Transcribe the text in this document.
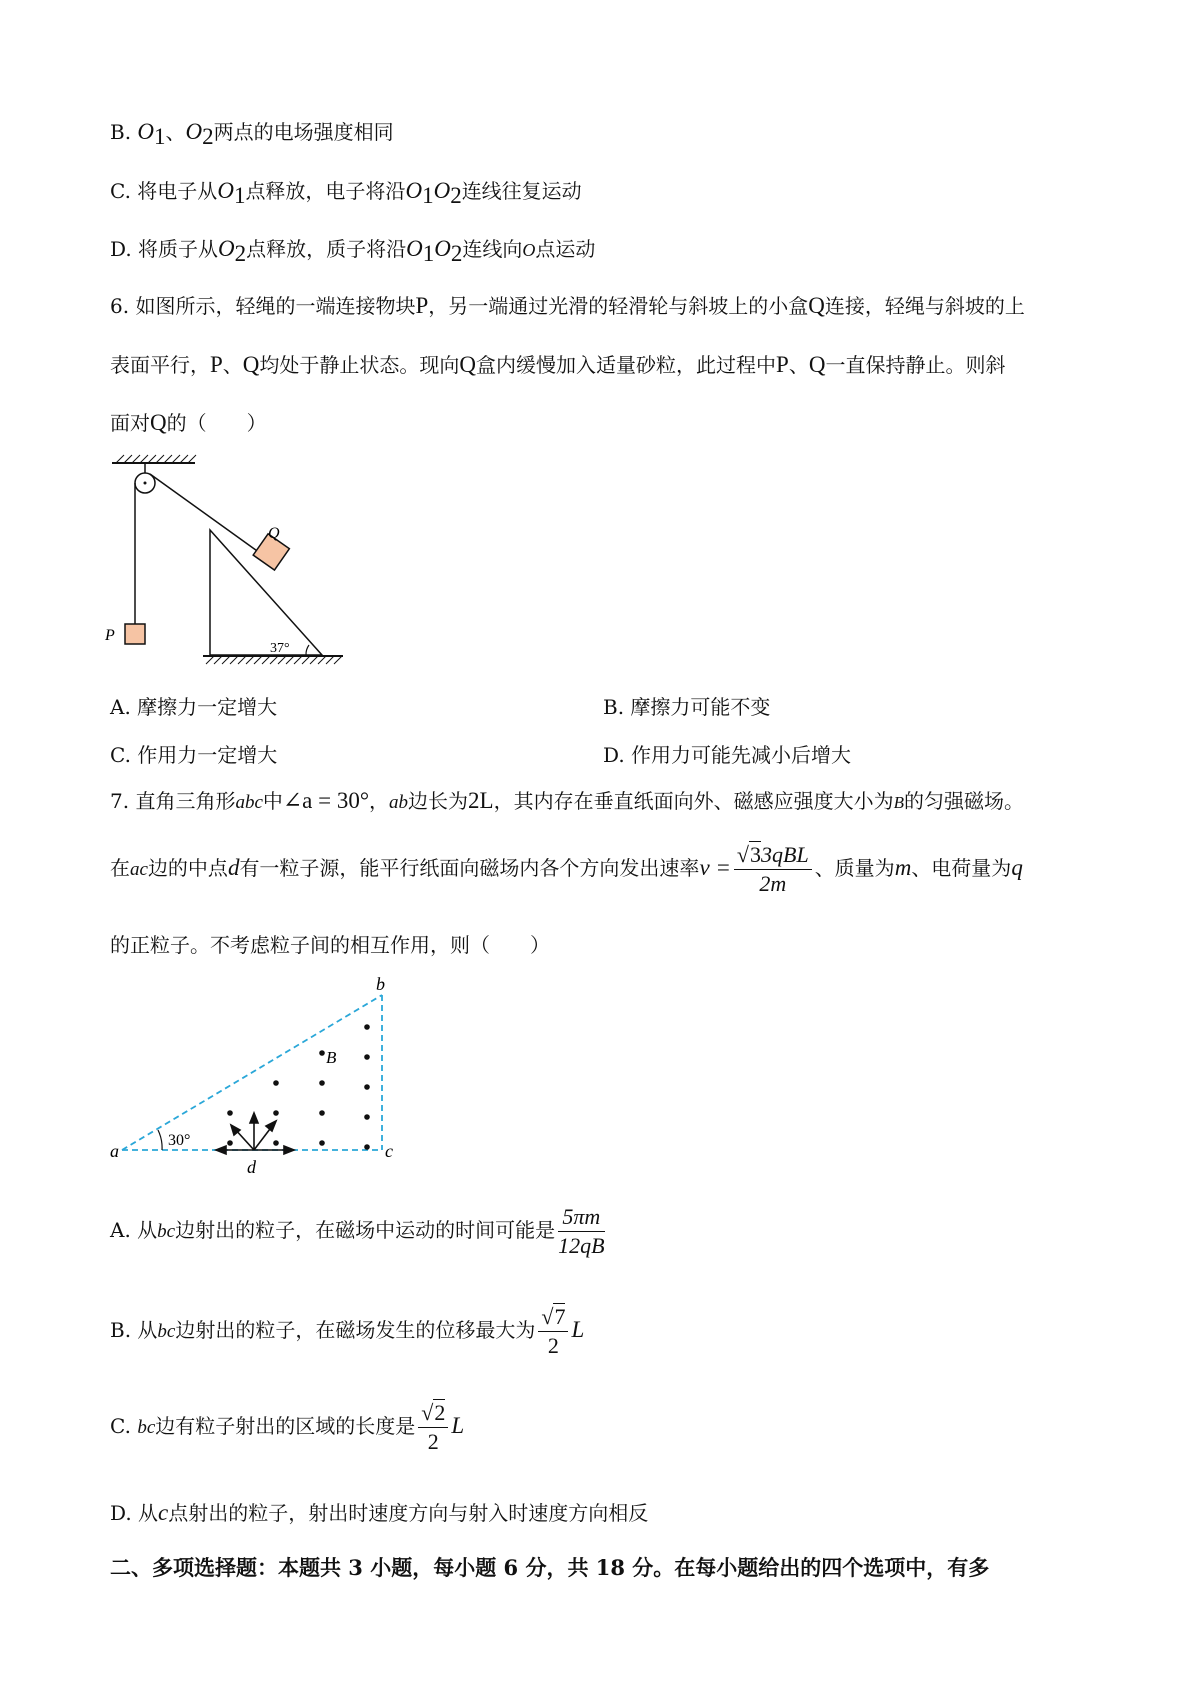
B. $O_1$、$O_2$两点的电场强度相同
C. 将电子从$O_1$点释放，电子将沿$O_1O_2$连线往复运动
D. 将质子从$O_2$点释放，质子将沿$O_1O_2$连线向O点运动
6. 如图所示，轻绳的一端连接物块P，另一端通过光滑的轻滑轮与斜坡上的小盒Q连接，轻绳与斜坡的上
表面平行，P、Q均处于静止状态。现向Q盒内缓慢加入适量砂粒，此过程中P、Q一直保持静止。则斜
面对Q的（　　）
P
Q
37°
A. 摩擦力一定增大	B. 摩擦力可能不变
C. 作用力一定增大	D. 作用力可能先减小后增大
7. 直角三角形abc中∠a = 30°，ab边长为2L，其内存在垂直纸面向外、磁感应强度大小为B的匀强磁场。
在ac边的中点d有一粒子源，能平行纸面向磁场内各个方向发出速率$v = \frac{\text{√33qBL}}{2m}$ 、质量为m、电荷量为q
的正粒子。不考虑粒子间的相互作用，则（　　）
30°
a
b
c
d
B
A. 从bc边射出的粒子，在磁场中运动的时间可能是 $\frac{5\pi m}{12qB}$
B. 从bc边射出的粒子，在磁场发生的位移最大为 $\frac{√7}{2}$ L
C. bc边有粒子射出的区域的长度是 $\frac{√2}{2}$ L
D. 从c点射出的粒子，射出时速度方向与射入时速度方向相反
二、多项选择题：本题共 3 小题，每小题 6 分，共 18 分。在每小题给出的四个选项中，有多
